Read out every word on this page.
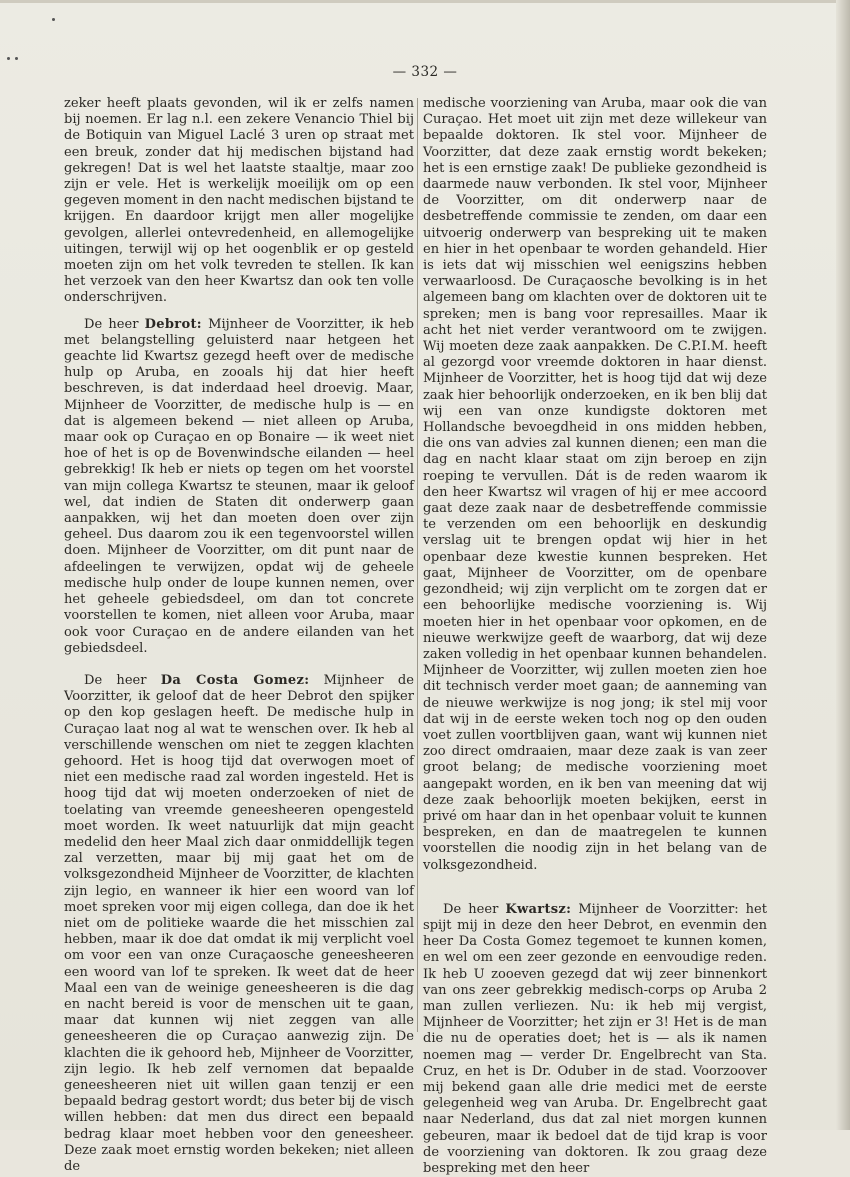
— 332 —

zeker heeft plaats gevonden, wil ik er zelfs namen bij noemen. Er lag n.l. een zekere Venancio Thiel bij de Botiquin van Miguel Laclé 3 uren op straat met een breuk, zonder dat hij medischen bijstand had gekregen! Dat is wel het laatste staaltje, maar zoo zijn er vele. Het is werkelijk moeilijk om op een gegeven moment in den nacht medischen bijstand te krijgen. En daardoor krijgt men aller mogelijke gevolgen, allerlei ontevredenheid, en allemogelijke uitingen, terwijl wij op het oogenblik er op gesteld moeten zijn om het volk tevreden te stellen. Ik kan het verzoek van den heer Kwartsz dan ook ten volle onderschrijven.

De heer Debrot: Mijnheer de Voorzitter, ik heb met belangstelling geluisterd naar hetgeen het geachte lid Kwartsz gezegd heeft over de medische hulp op Aruba, en zooals hij dat hier heeft beschreven, is dat inderdaad heel droevig. Maar, Mijnheer de Voorzitter, de medische hulp is — en dat is algemeen bekend — niet alleen op Aruba, maar ook op Curaçao en op Bonaire — ik weet niet hoe of het is op de Bovenwindsche eilanden — heel gebrekkig! Ik heb er niets op tegen om het voorstel van mijn collega Kwartsz te steunen, maar ik geloof wel, dat indien de Staten dit onderwerp gaan aanpakken, wij het dan moeten doen over zijn geheel. Dus daarom zou ik een tegenvoorstel willen doen. Mijnheer de Voorzitter, om dit punt naar de afdeelingen te verwijzen, opdat wij de geheele medische hulp onder de loupe kunnen nemen, over het geheele gebiedsdeel, om dan tot concrete voorstellen te komen, niet alleen voor Aruba, maar ook voor Curaçao en de andere eilanden van het gebiedsdeel.

De heer Da Costa Gomez: Mijnheer de Voorzitter, ik geloof dat de heer Debrot den spijker op den kop geslagen heeft. De medische hulp in Curaçao laat nog al wat te wenschen over. Ik heb al verschillende wenschen om niet te zeggen klachten gehoord. Het is hoog tijd dat overwogen moet of niet een medische raad zal worden ingesteld. Het is hoog tijd dat wij moeten onderzoeken of niet de toelating van vreemde geneesheeren opengesteld moet worden. Ik weet natuurlijk dat mijn geacht medelid den heer Maal zich daar onmiddellijk tegen zal verzetten, maar bij mij gaat het om de volksgezondheid Mijnheer de Voorzitter, de klachten zijn legio, en wanneer ik hier een woord van lof moet spreken voor mij eigen collega, dan doe ik het niet om de politieke waarde die het misschien zal hebben, maar ik doe dat omdat ik mij verplicht voel om voor een van onze Curaçaosche geneesheeren een woord van lof te spreken. Ik weet dat de heer Maal een van de weinige geneesheeren is die dag en nacht bereid is voor de menschen uit te gaan, maar dat kunnen wij niet zeggen van alle geneesheeren die op Curaçao aanwezig zijn. De klachten die ik gehoord heb, Mijnheer de Voorzitter, zijn legio. Ik heb zelf vernomen dat bepaalde geneesheeren niet uit willen gaan tenzij er een bepaald bedrag gestort wordt; dus beter bij de visch willen hebben: dat men dus direct een bepaald bedrag klaar moet hebben voor den geneesheer. Deze zaak moet ernstig worden bekeken; niet alleen de

medische voorziening van Aruba, maar ook die van Curaçao. Het moet uit zijn met deze willekeur van bepaalde doktoren. Ik stel voor. Mijnheer de Voorzitter, dat deze zaak ernstig wordt bekeken; het is een ernstige zaak! De publieke gezondheid is daarmede nauw verbonden. Ik stel voor, Mijnheer de Voorzitter, om dit onderwerp naar de desbetreffende commissie te zenden, om daar een uitvoerig onderwerp van bespreking uit te maken en hier in het openbaar te worden gehandeld. Hier is iets dat wij misschien wel eenigszins hebben verwaarloosd. De Curaçaosche bevolking is in het algemeen bang om klachten over de doktoren uit te spreken; men is bang voor represailles. Maar ik acht het niet verder verantwoord om te zwijgen. Wij moeten deze zaak aanpakken. De C.P.I.M. heeft al gezorgd voor vreemde doktoren in haar dienst. Mijnheer de Voorzitter, het is hoog tijd dat wij deze zaak hier behoorlijk onderzoeken, en ik ben blij dat wij een van onze kundigste doktoren met Hollandsche bevoegdheid in ons midden hebben, die ons van advies zal kunnen dienen; een man die dag en nacht klaar staat om zijn beroep en zijn roeping te vervullen. Dát is de reden waarom ik den heer Kwartsz wil vragen of hij er mee accoord gaat deze zaak naar de desbetreffende commissie te verzenden om een behoorlijk en deskundig verslag uit te brengen opdat wij hier in het openbaar deze kwestie kunnen bespreken. Het gaat, Mijnheer de Voorzitter, om de openbare gezondheid; wij zijn verplicht om te zorgen dat er een behoorlijke medische voorziening is. Wij moeten hier in het openbaar voor opkomen, en de nieuwe werkwijze geeft de waarborg, dat wij deze zaken volledig in het openbaar kunnen behandelen. Mijnheer de Voorzitter, wij zullen moeten zien hoe dit technisch verder moet gaan; de aanneming van de nieuwe werkwijze is nog jong; ik stel mij voor dat wij in de eerste weken toch nog op den ouden voet zullen voortblijven gaan, want wij kunnen niet zoo direct omdraaien, maar deze zaak is van zeer groot belang; de medische voorziening moet aangepakt worden, en ik ben van meening dat wij deze zaak behoorlijk moeten bekijken, eerst in privé om haar dan in het openbaar voluit te kunnen bespreken, en dan de maatregelen te kunnen voorstellen die noodig zijn in het belang van de volksgezondheid.

De heer Kwartsz: Mijnheer de Voorzitter: het spijt mij in deze den heer Debrot, en evenmin den heer Da Costa Gomez tegemoet te kunnen komen, en wel om een zeer gezonde en eenvoudige reden. Ik heb U zooeven gezegd dat wij zeer binnenkort van ons zeer gebrekkig medisch-corps op Aruba 2 man zullen verliezen. Nu: ik heb mij vergist, Mijnheer de Voorzitter; het zijn er 3! Het is de man die nu de operaties doet; het is — als ik namen noemen mag — verder Dr. Engelbrecht van Sta. Cruz, en het is Dr. Oduber in de stad. Voorzoover mij bekend gaan alle drie medici met de eerste gelegenheid weg van Aruba. Dr. Engelbrecht gaat naar Nederland, dus dat zal niet morgen kunnen gebeuren, maar ik bedoel dat de tijd krap is voor de voorziening van doktoren. Ik zou graag deze bespreking met den heer
